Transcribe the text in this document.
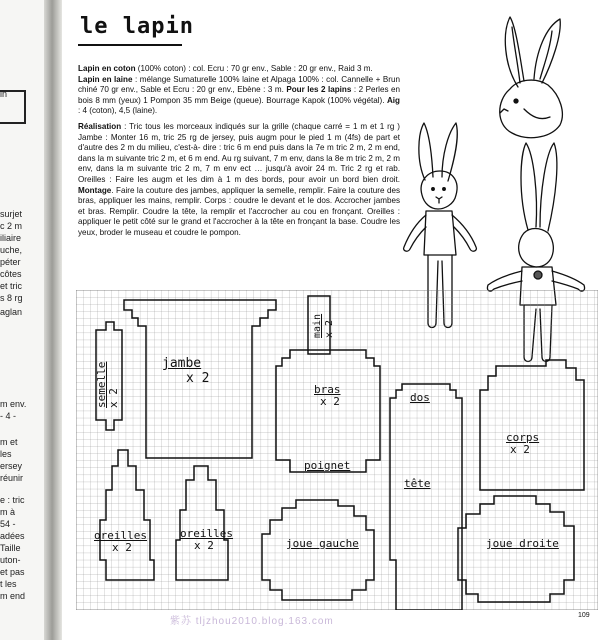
in
surjet
c 2 m
iliaire
uche,
péter
côtes
et tric
s 8 rg
aglan
m env.
- 4 -
m et
les
ersey
réunir
e : tric
m à
54 -
adées
Taille
uton-
et pas
t les
m end
le lapin
Lapin en coton (100% coton) : col. Ecru : 70 gr env., Sable : 20 gr env., Raid 3 m.
Lapin en laine : mélange Sumaturelle 100% laine et Alpaga 100% : col. Cannelle + Brun chiné 70 gr env., Sable et Ecru : 20 gr env., Ebène : 3 m. Pour les 2 lapins : 2 Perles en bois 8 mm (yeux) 1 Pompon 35 mm Beige (queue). Bourrage Kapok (100% végétal). Aig : 4 (coton), 4,5 (laine).
Réalisation : Tric tous les morceaux indiqués sur la grille (chaque carré = 1 m et 1 rg ) Jambe : Monter 16 m, tric 25 rg de jersey, puis augm pour le pied 1 m (4fs) de part et d'autre des 2 m du milieu, c'est-à- dire : tric 6 m end puis dans la 7e m tric 2 m, 2 m end, dans la m suivante tric 2 m, et 6 m end. Au rg suivant, 7 m env, dans la 8e m tric 2 m, 2 m env, dans la m suivante tric 2 m, 7 m env ect … jusqu'à avoir 24 m. Tric 2 rg et rab. Oreilles : Faire les augm et les dim à 1 m des bords, pour avoir un bord bien droit. Montage. Faire la couture des jambes, appliquer la semelle, remplir. Faire la couture des bras, appliquer les mains, remplir. Corps : coudre le devant et le dos. Accrocher jambes et bras. Remplir. Coudre la tête, la remplir et l'accrocher au cou en fronçant. Oreilles : appliquer le petit côté sur le grand et l'accrocher à la tête en fronçant la base. Coudre les yeux, broder le museau et coudre le pompon.
semelle x 2
jambe
x 2
main x 2
bras
x 2
poignet
dos
tête
corps
x 2
oreilles
x 2
oreilles
x 2	joue gauche	joue droite
紫苏 tljzhou2010.blog.163.com
109
